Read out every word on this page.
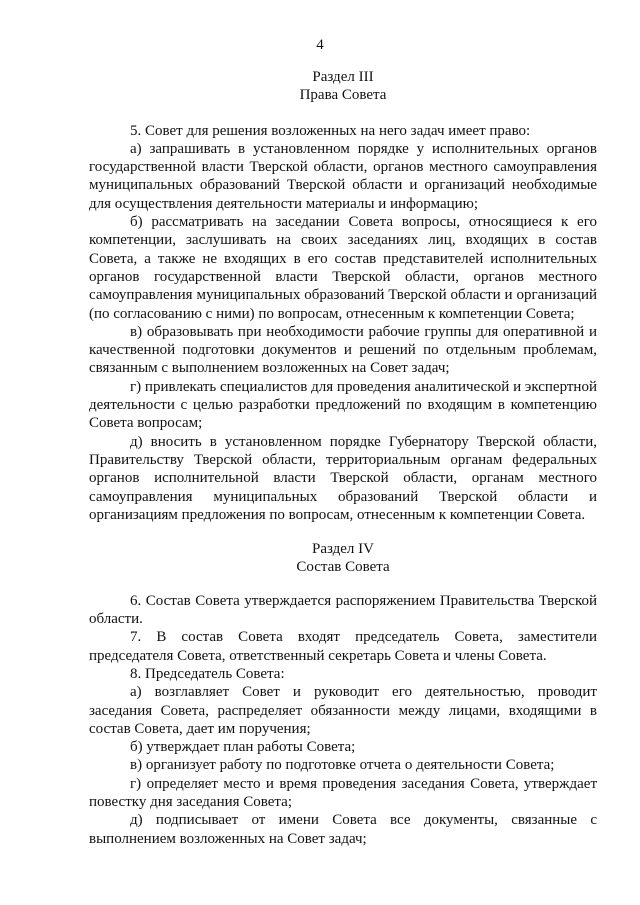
4

Раздел III

Права Совета

5. Совет для решения возложенных на него задач имеет право:

а) запрашивать в установленном порядке у исполнительных органов государственной власти Тверской области, органов местного самоуправления муниципальных образований Тверской области и организаций необходимые для осуществления деятельности материалы и информацию;

б) рассматривать на заседании Совета вопросы, относящиеся к его компетенции, заслушивать на своих заседаниях лиц, входящих в состав Совета, а также не входящих в его состав представителей исполнительных органов государственной власти Тверской области, органов местного самоуправления муниципальных образований Тверской области и организаций (по согласованию с ними) по вопросам, отнесенным к компетенции Совета;

в) образовывать при необходимости рабочие группы для оперативной и качественной подготовки документов и решений по отдельным проблемам, связанным с выполнением возложенных на Совет задач;

г) привлекать специалистов для проведения аналитической и экспертной деятельности с целью разработки предложений по входящим в компетенцию Совета вопросам;

д) вносить в установленном порядке Губернатору Тверской области, Правительству Тверской области, территориальным органам федеральных органов исполнительной власти Тверской области, органам местного самоуправления муниципальных образований Тверской области и организациям предложения по вопросам, отнесенным к компетенции Совета.

Раздел IV

Состав Совета

6. Состав Совета утверждается распоряжением Правительства Тверской области.

7. В состав Совета входят председатель Совета, заместители председателя Совета, ответственный секретарь Совета и члены Совета.

8. Председатель Совета:

а) возглавляет Совет и руководит его деятельностью, проводит заседания Совета, распределяет обязанности между лицами, входящими в состав Совета, дает им поручения;

б) утверждает план работы Совета;

в) организует работу по подготовке отчета о деятельности Совета;

г) определяет место и время проведения заседания Совета, утверждает повестку дня заседания Совета;

д) подписывает от имени Совета все документы, связанные с выполнением возложенных на Совет задач;
